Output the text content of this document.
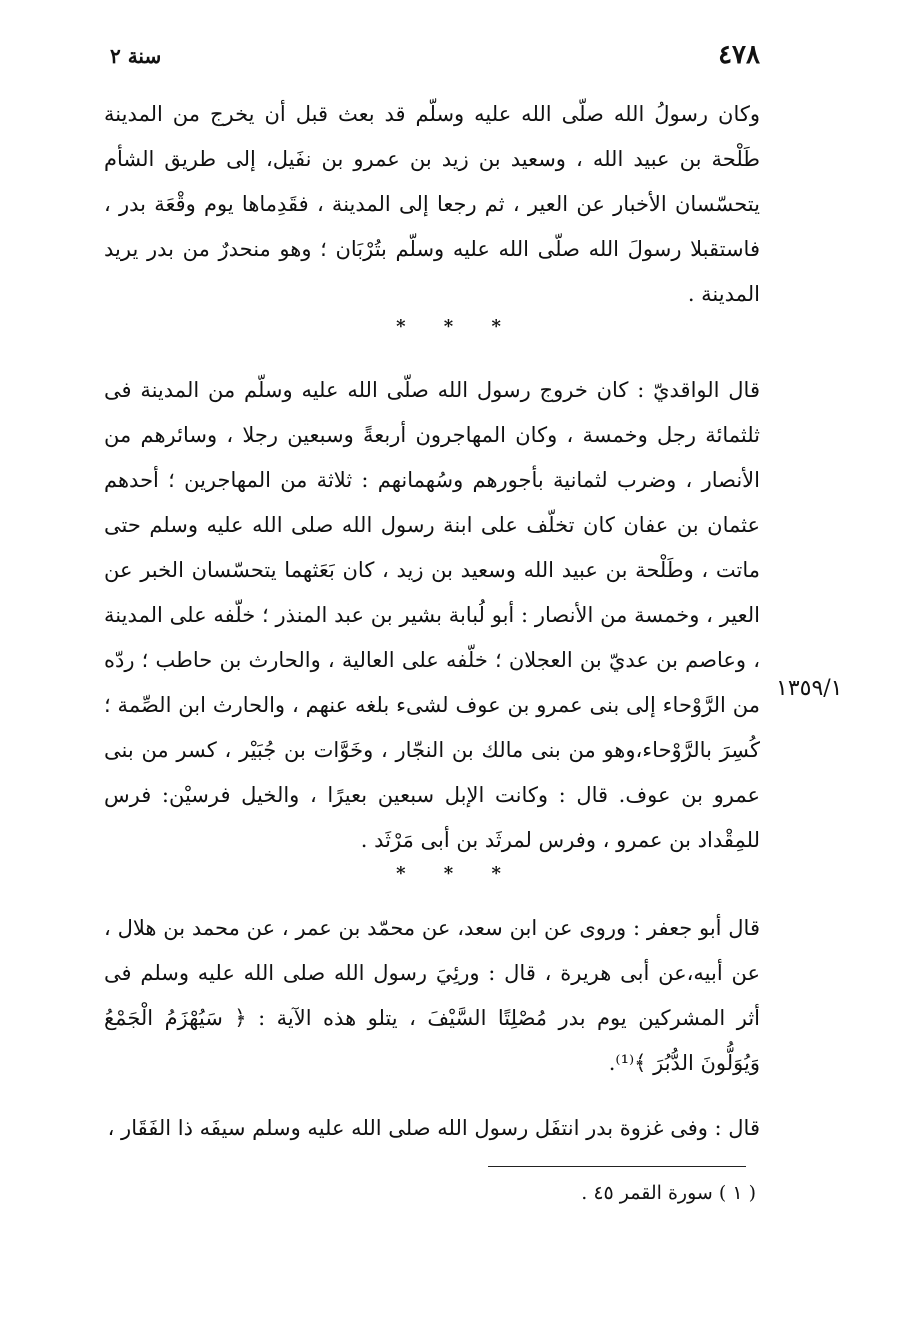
٤٧٨
سنة ٢

وكان رسولُ الله صلّى الله عليه وسلّم قد بعث قبل أن يخرج من المدينة طَلْحة بن عبيد الله ، وسعيد بن زيد بن عمرو بن نفَيل، إلى طريق الشأم يتحسّسان الأخبار عن العير ، ثم رجعا إلى المدينة ، فقَدِماها يوم وقْعَة بدر ، فاستقبلا رسولَ الله صلّى الله عليه وسلّم بتُرْبَان ؛ وهو منحدرٌ من بدر يريد المدينة .

* * *

قال الواقديّ : كان خروج رسول الله صلّى الله عليه وسلّم من المدينة فى ثلثمائة رجل وخمسة ، وكان المهاجرون أربعةً وسبعين رجلا ، وسائرهم من الأنصار ، وضرب لثمانية بأجورهم وسُهمانهم : ثلاثة من المهاجرين ؛ أحدهم عثمان بن عفان كان تخلّف على ابنة رسول الله صلى الله عليه وسلم حتى ماتت ، وطَلْحة بن عبيد الله وسعيد بن زيد ، كان بَعَثهما يتحسّسان الخبر عن العير ، وخمسة من الأنصار : أبو لُبابة بشير بن عبد المنذر ؛ خلّفه على المدينة ، وعاصم بن عديّ بن العجلان ؛ خلّفه على العالية ، والحارث بن حاطب ؛ ردّه من الرَّوْحاء إلى بنى عمرو بن عوف لشىء بلغه عنهم ، والحارث ابن الصِّمة ؛كُسِرَ بالرَّوْحاء،وهو من بنى مالك بن النجّار ، وخَوَّات بن جُبَيْر ، كسر من بنى عمرو بن عوف. قال : وكانت الإبل سبعين بعيرًا ، والخيل فرسيْن: فرس للمِقْداد بن عمرو ، وفرس لمرثَد بن أبى مَرْثَد .

١٣٥٩/١
* * *

قال أبو جعفر : وروى عن ابن سعد، عن محمّد بن عمر ، عن محمد بن هلال ، عن أبيه،عن أبى هريرة ، قال : ورئِيَ رسول الله صلى الله عليه وسلم فى أثر المشركين يوم بدر مُصْلِتًا السَّيْفَ ، يتلو هذه الآية : ﴿ سَيُهْزَمُ الْجَمْعُ وَيُوَلُّونَ الدُّبُرَ ﴾⁽¹⁾.

قال : وفى غزوة بدر انتفَل رسول الله صلى الله عليه وسلم سيفَه ذا الفَقَار ،

( ١ ) سورة القمر ٤٥ .
